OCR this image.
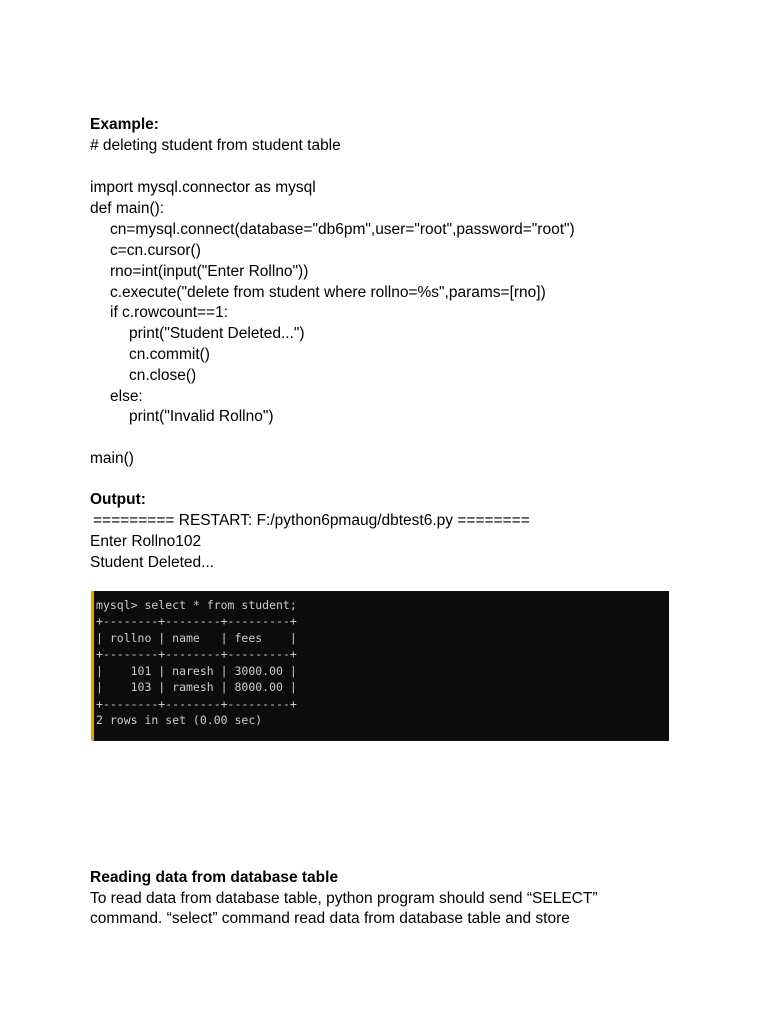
Example:
# deleting student from student table
import mysql.connector as mysql
def main():
cn=mysql.connect(database="db6pm",user="root",password="root")
c=cn.cursor()
rno=int(input("Enter Rollno"))
c.execute("delete from student where rollno=%s",params=[rno])
if c.rowcount==1:
print("Student Deleted...")
cn.commit()
cn.close()
else:
print("Invalid Rollno")
main()
Output:
========= RESTART: F:/python6pmaug/dbtest6.py ========
Enter Rollno102
Student Deleted...
mysql> select * from student;
+--------+--------+---------+
| rollno | name   | fees    |
+--------+--------+---------+
|    101 | naresh | 3000.00 |
|    103 | ramesh | 8000.00 |
+--------+--------+---------+
2 rows in set (0.00 sec)
Reading data from database table
To read data from database table, python program should send “SELECT”
command. “select” command read data from database table and store
